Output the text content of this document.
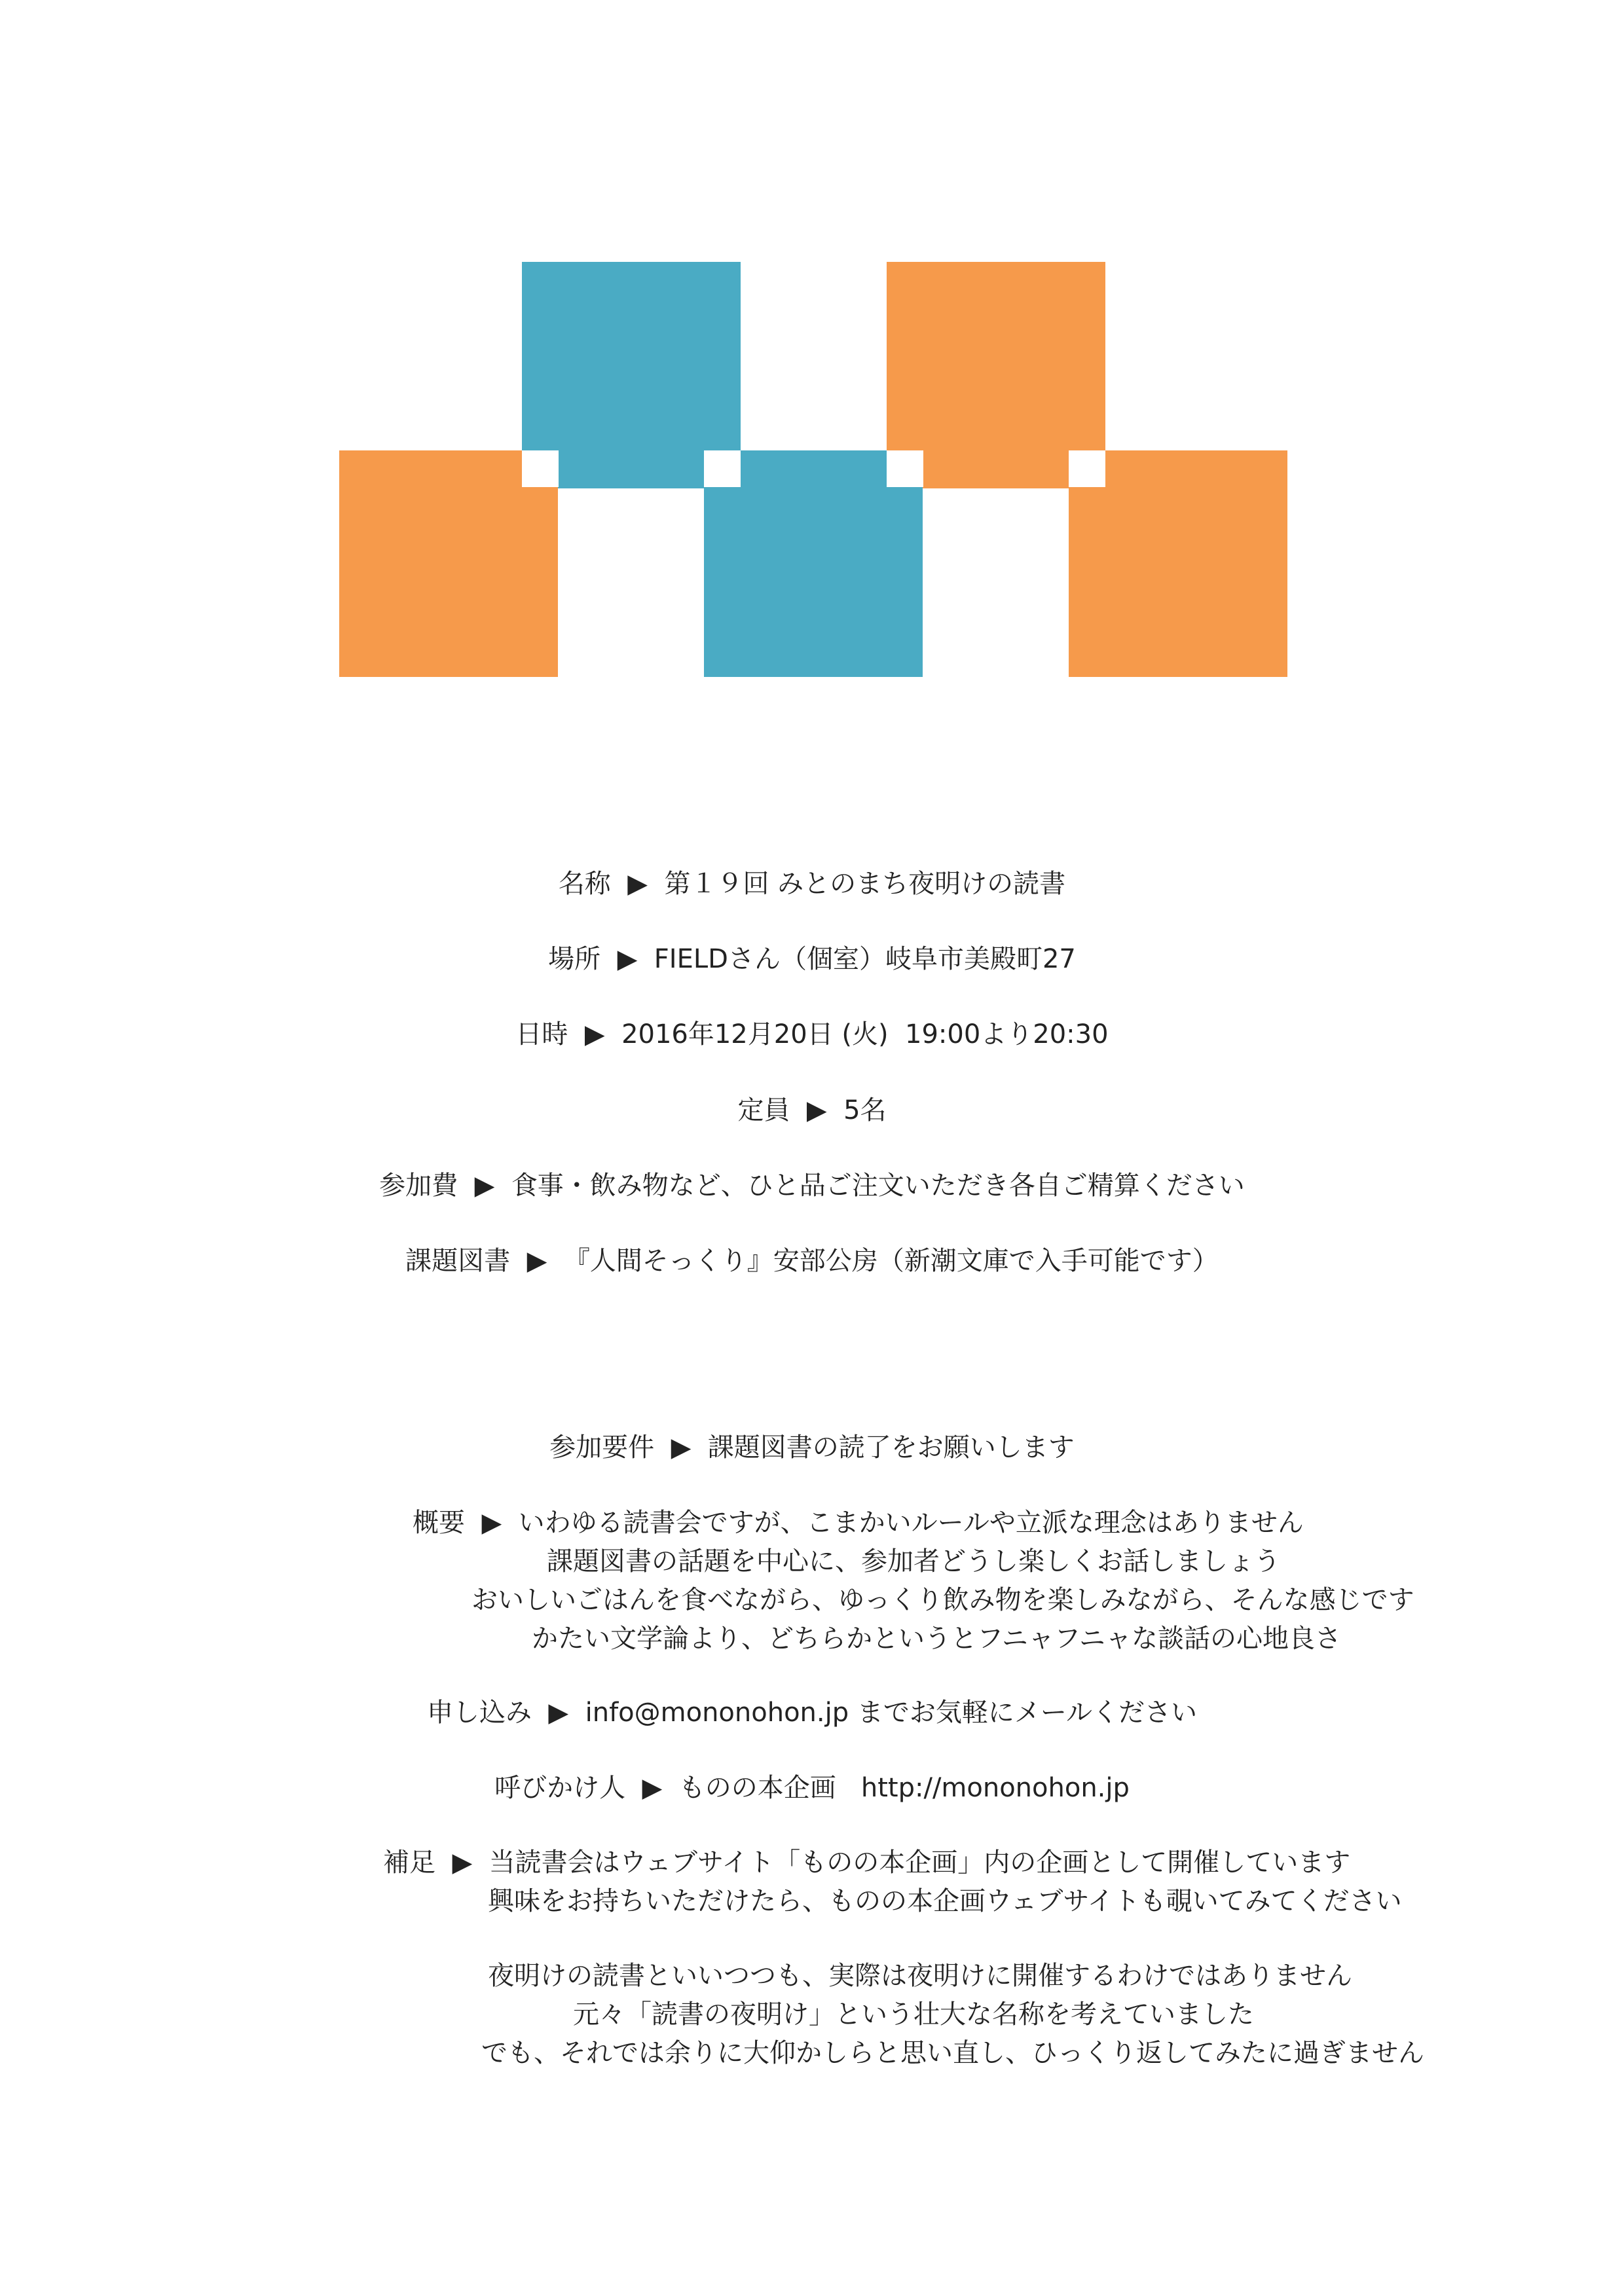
名称 ▶ 第１９回 みとのまち夜明けの読書
場所 ▶ FIELDさん（個室）岐阜市美殿町27
日時 ▶ 2016年12月20日 (火)  19:00より20:30
定員 ▶ 5名
参加費 ▶ 食事・飲み物など、ひと品ご注文いただき各自ご精算ください
課題図書 ▶ 『人間そっくり』安部公房（新潮文庫で入手可能です）
参加要件 ▶ 課題図書の読了をお願いします
概要 ▶ いわゆる読書会ですが、こまかいルールや立派な理念はありません
課題図書の話題を中心に、参加者どうし楽しくお話しましょう
おいしいごはんを食べながら、ゆっくり飲み物を楽しみながら、そんな感じです
かたい文学論より、どちらかというとフニャフニャな談話の心地良さ
申し込み ▶ info@mononohon.jp までお気軽にメールください
呼びかけ人 ▶ ものの本企画   http://mononohon.jp
補足 ▶ 当読書会はウェブサイト「ものの本企画」内の企画として開催しています
興味をお持ちいただけたら、ものの本企画ウェブサイトも覗いてみてください
夜明けの読書といいつつも、実際は夜明けに開催するわけではありません
元々「読書の夜明け」という壮大な名称を考えていました
でも、それでは余りに大仰かしらと思い直し、ひっくり返してみたに過ぎません
